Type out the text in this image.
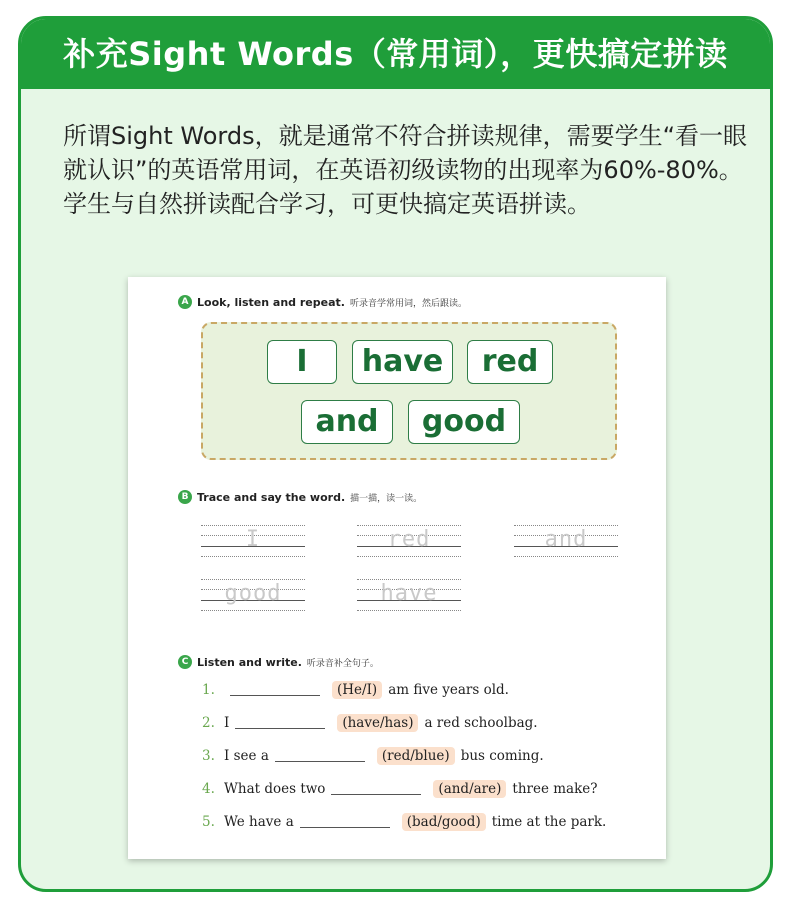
补充Sight Words（常用词），更快搞定拼读

所谓Sight Words，就是通常不符合拼读规律，需要学生“看一眼就认识”的英语常用词，在英语初级读物的出现率为60%-80%。学生与自然拼读配合学习，可更快搞定英语拼读。

A Look, listen and repeat. 听录音学常用词，然后跟读。
I	have	red
and	good
B Trace and say the word. 描一描，读一读。
I	red	and
good	have
C Listen and write. 听录音补全句子。
1.	(He/I) am five years old.
2. I	(have/has) a red schoolbag.
3. I see a	(red/blue) bus coming.
4. What does two	(and/are) three make?
5. We have a	(bad/good) time at the park.
